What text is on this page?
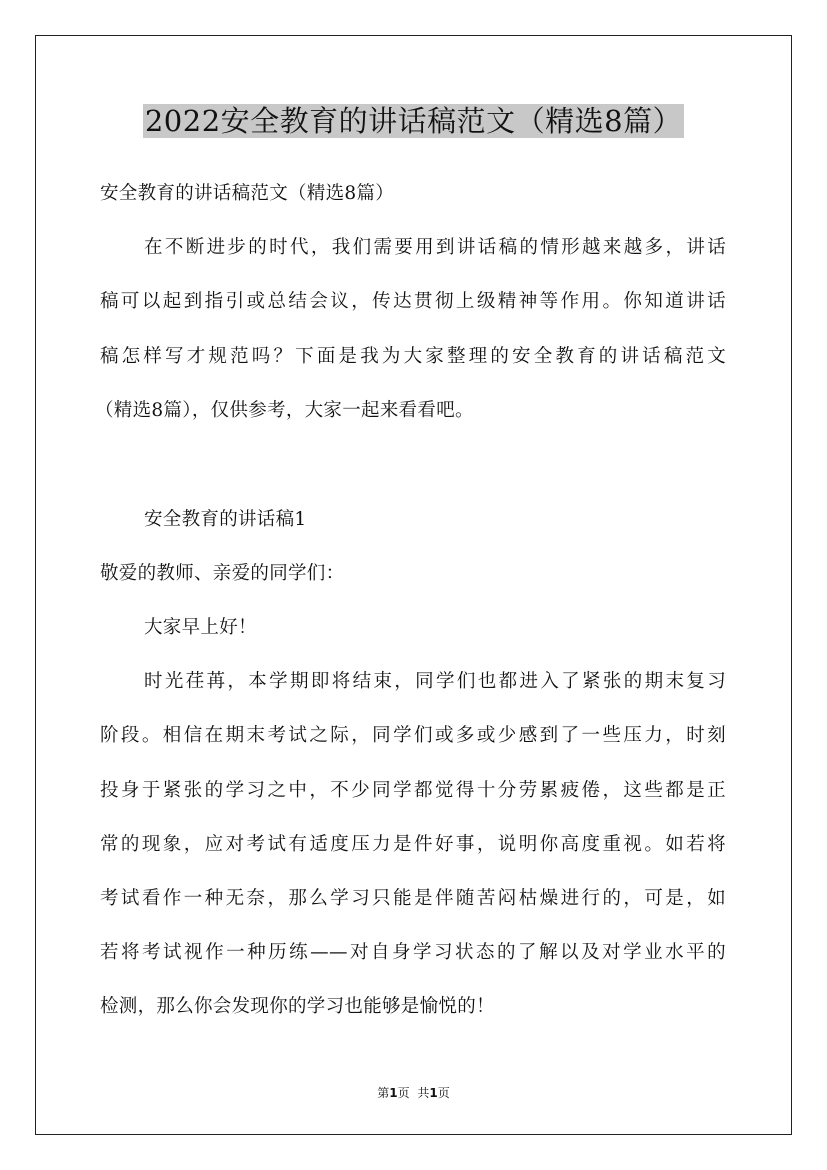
2022安全教育的讲话稿范文（精选8篇）
安全教育的讲话稿范文（精选8篇）
在不断进步的时代，我们需要用到讲话稿的情形越来越多，讲话
稿可以起到指引或总结会议，传达贯彻上级精神等作用。你知道讲话
稿怎样写才规范吗？下面是我为大家整理的安全教育的讲话稿范文
（精选8篇），仅供参考，大家一起来看看吧。
安全教育的讲话稿1
敬爱的教师、亲爱的同学们：
大家早上好！
时光荏苒，本学期即将结束，同学们也都进入了紧张的期末复习
阶段。相信在期末考试之际，同学们或多或少感到了一些压力，时刻
投身于紧张的学习之中，不少同学都觉得十分劳累疲倦，这些都是正
常的现象，应对考试有适度压力是件好事，说明你高度重视。如若将
考试看作一种无奈，那么学习只能是伴随苦闷枯燥进行的，可是，如
若将考试视作一种历练——对自身学习状态的了解以及对学业水平的
检测，那么你会发现你的学习也能够是愉悦的！
第1页 共1页
